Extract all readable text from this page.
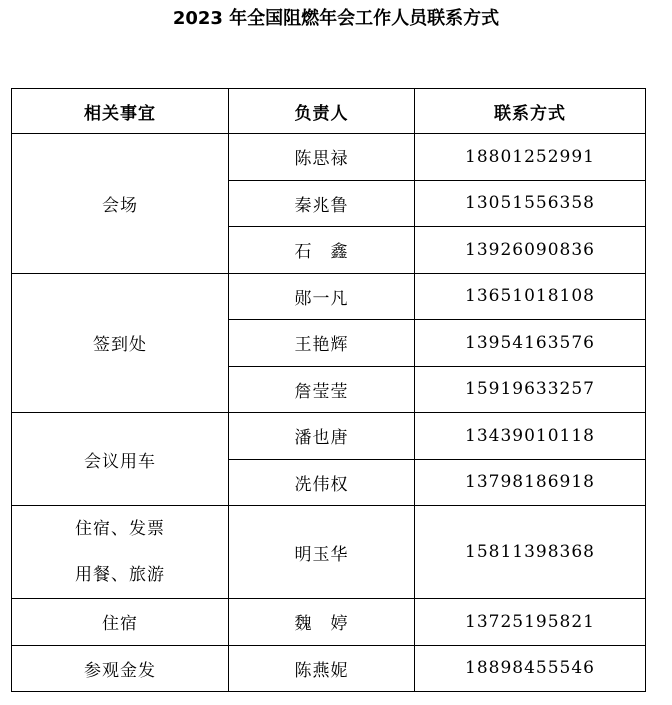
2023 年全国阻燃年会工作人员联系方式
相关事宜	负责人	联系方式
会场	陈思禄	18801252991
	秦兆鲁	13051556358
	石　鑫	13926090836
签到处	郧一凡	13651018108
	王艳辉	13954163576
	詹莹莹	15919633257
会议用车	潘也唐	13439010118
	冼伟权	13798186918

住宿、发票
用餐、旅游	明玉华	15811398368
住宿	魏　婷	13725195821
参观金发	陈燕妮	18898455546
